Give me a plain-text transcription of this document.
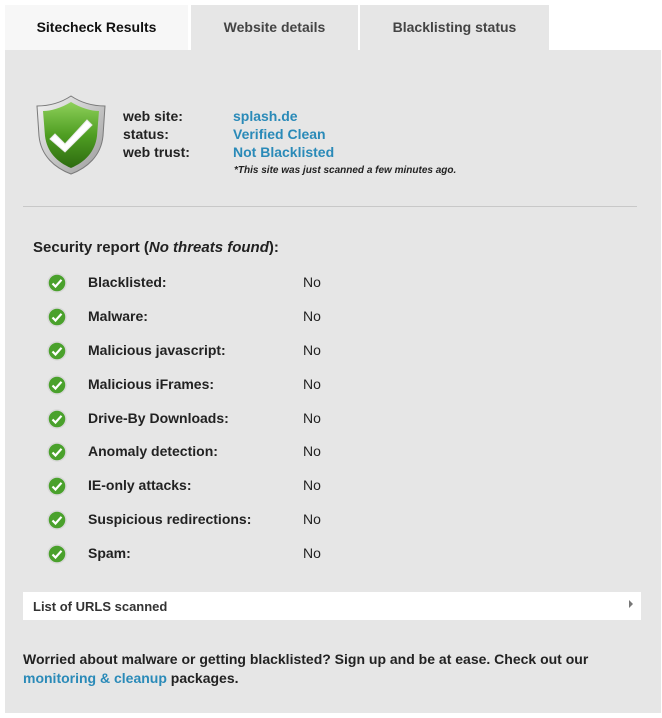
Sitecheck Results	Website details	Blacklisting status
web site:	splash.de
status:	Verified Clean
web trust:	Not Blacklisted
*This site was just scanned a few minutes ago.
Security report (No threats found):
Blacklisted:	No
Malware:	No
Malicious javascript:	No
Malicious iFrames:	No
Drive-By Downloads:	No
Anomaly detection:	No
IE-only attacks:	No
Suspicious redirections:	No
Spam:	No
List of URLS scanned
Worried about malware or getting blacklisted? Sign up and be at ease. Check out our monitoring & cleanup packages.
